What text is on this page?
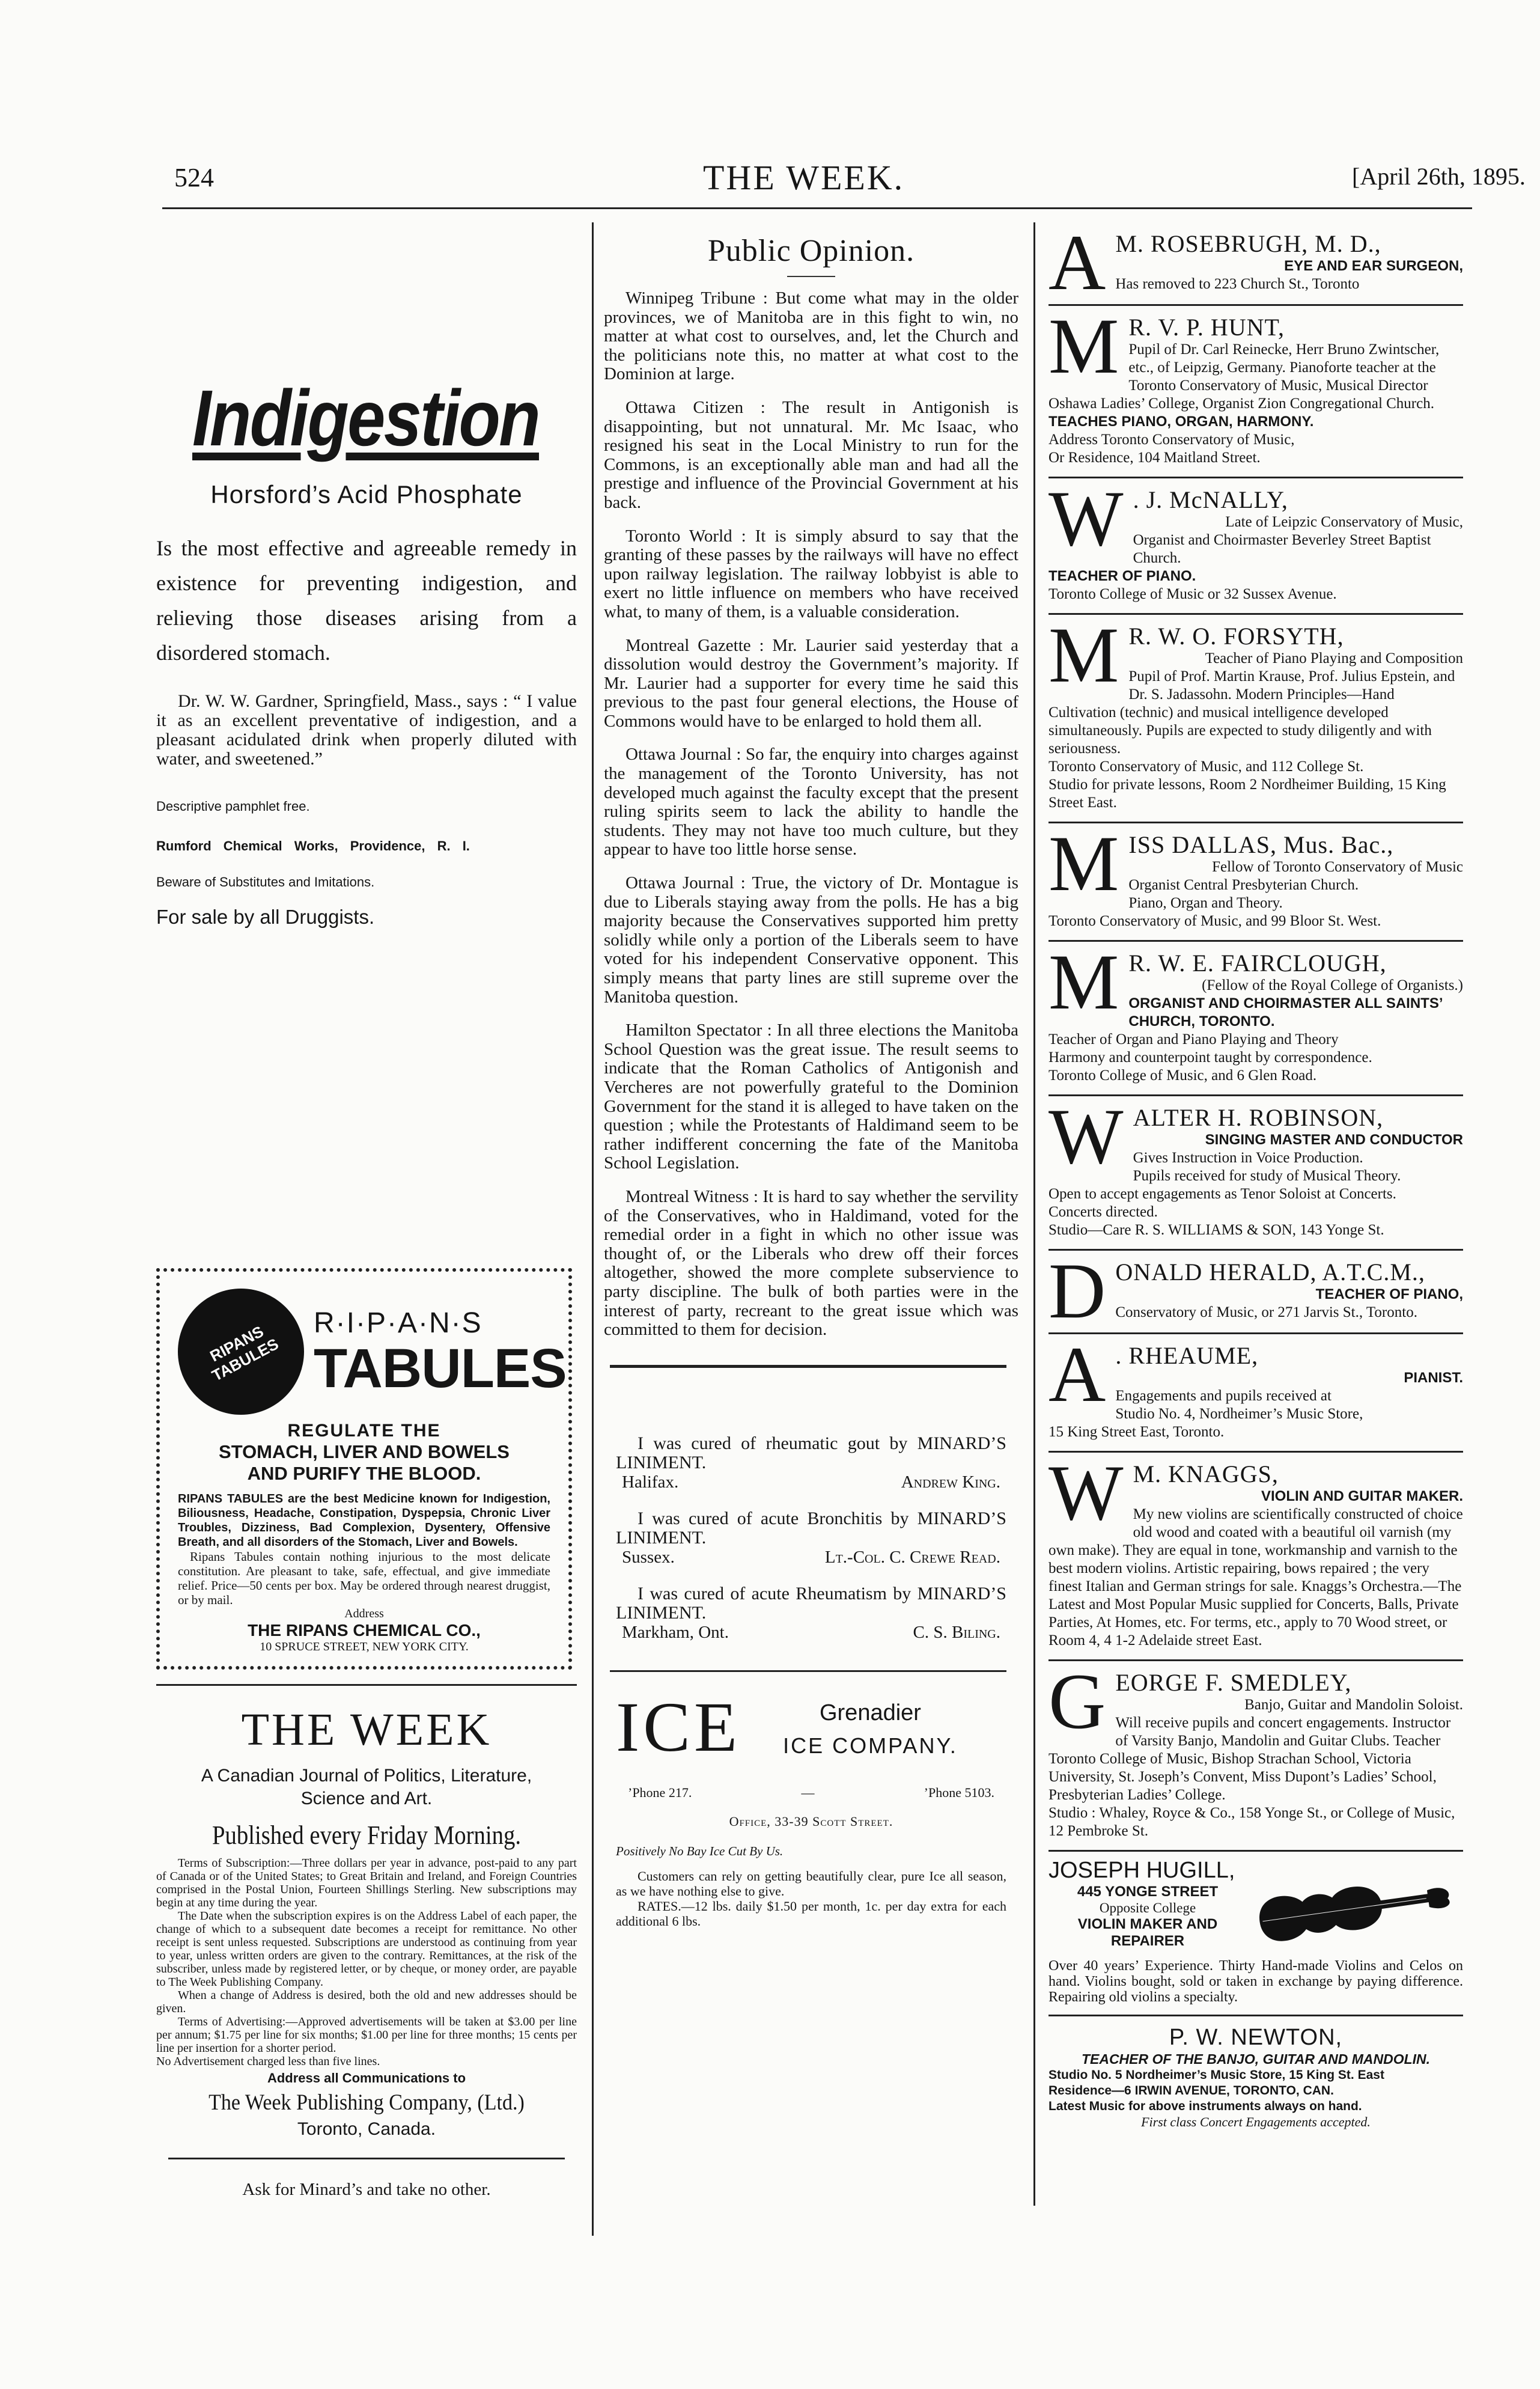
524	THE WEEK.	[April 26th, 1895.
Indigestion

Horsford’s Acid Phosphate

Is the most effective and agreeable remedy in existence for preventing indigestion, and relieving those diseases arising from a disordered stomach.

Dr. W. W. Gardner, Springfield, Mass., says : “ I value it as an excellent preventative of indigestion, and a pleasant acidulated drink when properly diluted with water, and sweetened.”

Descriptive pamphlet free.

Rumford Chemical Works, Providence, R. I.

Beware of Substitutes and Imitations.

For sale by all Druggists.

RIPANS TABULES
R·I·P·A·N·S
TABULES

REGULATE THE

STOMACH, LIVER AND BOWELS

AND PURIFY THE BLOOD.

RIPANS TABULES are the best Medicine known for Indigestion, Biliousness, Headache, Constipation, Dyspepsia, Chronic Liver Troubles, Dizziness, Bad Complexion, Dysentery, Offensive Breath, and all disorders of the Stomach, Liver and Bowels.

Ripans Tabules contain nothing injurious to the most delicate constitution. Are pleasant to take, safe, effectual, and give immediate relief. Price—50 cents per box. May be ordered through nearest druggist, or by mail.

Address

THE RIPANS CHEMICAL CO.,

10 SPRUCE STREET, NEW YORK CITY.

THE WEEK

A Canadian Journal of Politics, Literature, Science and Art.

Published every Friday Morning.

Terms of Subscription:—Three dollars per year in advance, post-paid to any part of Canada or of the United States; to Great Britain and Ireland, and Foreign Countries comprised in the Postal Union, Fourteen Shillings Sterling. New subscriptions may begin at any time during the year.

The Date when the subscription expires is on the Address Label of each paper, the change of which to a subsequent date becomes a receipt for remittance. No other receipt is sent unless requested. Subscriptions are understood as continuing from year to year, unless written orders are given to the contrary. Remittances, at the risk of the subscriber, unless made by registered letter, or by cheque, or money order, are payable to The Week Publishing Company.

When a change of Address is desired, both the old and new addresses should be given.

Terms of Advertising:—Approved advertisements will be taken at $3.00 per line per annum; $1.75 per line for six months; $1.00 per line for three months; 15 cents per line per insertion for a shorter period.

No Advertisement charged less than five lines.

Address all Communications to

The Week Publishing Company, (Ltd.)

Toronto, Canada.

Ask for Minard’s and take no other.

Public Opinion.

Winnipeg Tribune : But come what may in the older provinces, we of Manitoba are in this fight to win, no matter at what cost to ourselves, and, let the Church and the politicians note this, no matter at what cost to the Dominion at large.

Ottawa Citizen : The result in Antigonish is disappointing, but not unnatural. Mr. Mc Isaac, who resigned his seat in the Local Ministry to run for the Commons, is an exceptionally able man and had all the prestige and influence of the Provincial Government at his back.

Toronto World : It is simply absurd to say that the granting of these passes by the railways will have no effect upon railway legislation. The railway lobbyist is able to exert no little influence on members who have received what, to many of them, is a valuable consideration.

Montreal Gazette : Mr. Laurier said yesterday that a dissolution would destroy the Government’s majority. If Mr. Laurier had a supporter for every time he said this previous to the past four general elections, the House of Commons would have to be enlarged to hold them all.

Ottawa Journal : So far, the enquiry into charges against the management of the Toronto University, has not developed much against the faculty except that the present ruling spirits seem to lack the ability to handle the students. They may not have too much culture, but they appear to have too little horse sense.

Ottawa Journal : True, the victory of Dr. Montague is due to Liberals staying away from the polls. He has a big majority because the Conservatives supported him pretty solidly while only a portion of the Liberals seem to have voted for his independent Conservative opponent. This simply means that party lines are still supreme over the Manitoba question.

Hamilton Spectator : In all three elections the Manitoba School Question was the great issue. The result seems to indicate that the Roman Catholics of Antigonish and Vercheres are not powerfully grateful to the Dominion Government for the stand it is alleged to have taken on the question ; while the Protestants of Haldimand seem to be rather indifferent concerning the fate of the Manitoba School Legislation.

Montreal Witness : It is hard to say whether the servility of the Conservatives, who in Haldimand, voted for the remedial order in a fight in which no other issue was thought of, or the Liberals who drew off their forces altogether, showed the more complete subservience to party discipline. The bulk of both parties were in the interest of party, recreant to the great issue which was committed to them for decision.

I was cured of rheumatic gout by MINARD’S LINIMENT.

Halifax.	Andrew King.

I was cured of acute Bronchitis by MINARD’S LINIMENT.

Sussex.	Lt.-Col. C. Crewe Read.

I was cured of acute Rheumatism by MINARD’S LINIMENT.

Markham, Ont.	C. S. Biling.
ICE	Grenadier
ICE COMPANY.
’Phone 217.	—	’Phone 5103.

Office, 33-39 Scott Street.

Positively No Bay Ice Cut By Us.

Customers can rely on getting beautifully clear, pure Ice all season, as we have nothing else to give.

RATES.—12 lbs. daily $1.50 per month, 1c. per day extra for each additional 6 lbs.

A M. ROSEBRUGH, M. D.,

EYE AND EAR SURGEON,

Has removed to 223 Church St., Toronto

M R. V. P. HUNT,

Pupil of Dr. Carl Reinecke, Herr Bruno Zwintscher, etc., of Leipzig, Germany. Pianoforte teacher at the Toronto Conservatory of Music, Musical Director Oshawa Ladies’ College, Organist Zion Congregational Church.

TEACHES PIANO, ORGAN, HARMONY.

Address Toronto Conservatory of Music,

Or Residence, 104 Maitland Street.

W . J. McNALLY,

Late of Leipzic Conservatory of Music,

Organist and Choirmaster Beverley Street Baptist Church.

TEACHER OF PIANO.

Toronto College of Music or 32 Sussex Avenue.

M R. W. O. FORSYTH,

Teacher of Piano Playing and Composition

Pupil of Prof. Martin Krause, Prof. Julius Epstein, and Dr. S. Jadassohn. Modern Principles—Hand Cultivation (technic) and musical intelligence developed simultaneously. Pupils are expected to study diligently and with seriousness.

Toronto Conservatory of Music, and 112 College St.

Studio for private lessons, Room 2 Nordheimer Building, 15 King Street East.

M ISS DALLAS, Mus. Bac.,

Fellow of Toronto Conservatory of Music

Organist Central Presbyterian Church.

Piano, Organ and Theory.

Toronto Conservatory of Music, and 99 Bloor St. West.

M R. W. E. FAIRCLOUGH,

(Fellow of the Royal College of Organists.)

ORGANIST AND CHOIRMASTER ALL SAINTS’ CHURCH, TORONTO.

Teacher of Organ and Piano Playing and Theory

Harmony and counterpoint taught by correspondence.

Toronto College of Music, and 6 Glen Road.

W ALTER H. ROBINSON,

SINGING MASTER AND CONDUCTOR

Gives Instruction in Voice Production.

Pupils received for study of Musical Theory.

Open to accept engagements as Tenor Soloist at Concerts.

Concerts directed.

Studio—Care R. S. WILLIAMS & SON, 143 Yonge St.

D ONALD HERALD, A.T.C.M.,

TEACHER OF PIANO,

Conservatory of Music, or 271 Jarvis St., Toronto.

A . RHEAUME,

PIANIST.

Engagements and pupils received at

Studio No. 4, Nordheimer’s Music Store,

15 King Street East, Toronto.

W M. KNAGGS,

VIOLIN AND GUITAR MAKER.

My new violins are scientifically constructed of choice old wood and coated with a beautiful oil varnish (my own make). They are equal in tone, workmanship and varnish to the best modern violins. Artistic repairing, bows repaired ; the very finest Italian and German strings for sale. Knaggs’s Orchestra.—The Latest and Most Popular Music supplied for Concerts, Balls, Private Parties, At Homes, etc. For terms, etc., apply to 70 Wood street, or Room 4, 4 1-2 Adelaide street East.

G EORGE F. SMEDLEY,

Banjo, Guitar and Mandolin Soloist.

Will receive pupils and concert engagements. Instructor of Varsity Banjo, Mandolin and Guitar Clubs. Teacher Toronto College of Music, Bishop Strachan School, Victoria University, St. Joseph’s Convent, Miss Dupont’s Ladies’ School, Presbyterian Ladies’ College.

Studio : Whaley, Royce & Co., 158 Yonge St., or College of Music, 12 Pembroke St.

JOSEPH HUGILL,
445 YONGE STREET
Opposite College
VIOLIN MAKER AND REPAIRER

Over 40 years’ Experience. Thirty Hand-made Violins and Celos on hand. Violins bought, sold or taken in exchange by paying difference. Repairing old violins a specialty.

P. W. NEWTON,

TEACHER OF THE BANJO, GUITAR AND MANDOLIN.

Studio No. 5 Nordheimer’s Music Store, 15 King St. East

Residence—6 IRWIN AVENUE, TORONTO, CAN.

Latest Music for above instruments always on hand.

First class Concert Engagements accepted.
